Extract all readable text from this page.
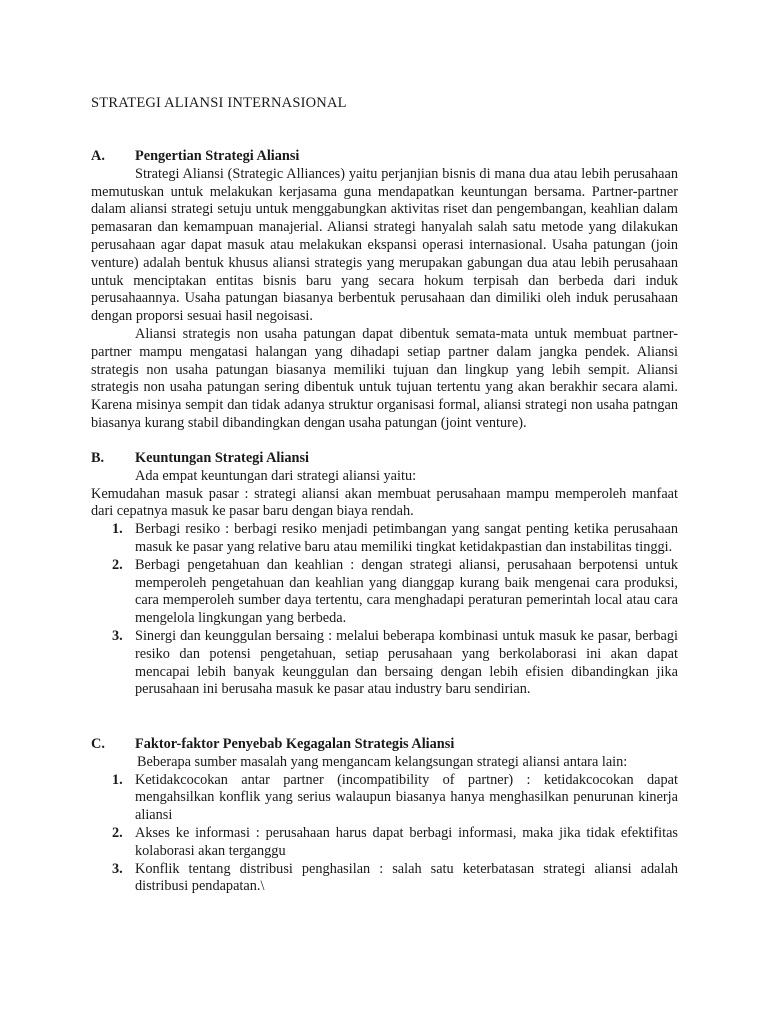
STRATEGI ALIANSI INTERNASIONAL
A.	Pengertian Strategi Aliansi

Strategi Aliansi (Strategic Alliances) yaitu perjanjian bisnis di mana dua atau lebih perusahaan memutuskan untuk melakukan kerjasama guna mendapatkan keuntungan bersama. Partner-partner dalam aliansi strategi setuju untuk menggabungkan aktivitas riset dan pengembangan, keahlian dalam pemasaran dan kemampuan manajerial. Aliansi strategi hanyalah salah satu metode yang dilakukan perusahaan agar dapat masuk atau melakukan ekspansi operasi internasional. Usaha patungan (join venture) adalah bentuk khusus aliansi strategis yang merupakan gabungan dua atau lebih perusahaan untuk menciptakan entitas bisnis baru yang secara hokum terpisah dan berbeda dari induk perusahaannya. Usaha patungan biasanya berbentuk perusahaan dan dimiliki oleh induk perusahaan dengan proporsi sesuai hasil negoisasi.

Aliansi strategis non usaha patungan dapat dibentuk semata-mata untuk membuat partner-partner mampu mengatasi halangan yang dihadapi setiap partner dalam jangka pendek. Aliansi strategis non usaha patungan biasanya memiliki tujuan dan lingkup yang lebih sempit. Aliansi strategis non usaha patungan sering dibentuk untuk tujuan tertentu yang akan berakhir secara alami. Karena misinya sempit dan tidak adanya struktur organisasi formal, aliansi strategi non usaha patngan biasanya kurang stabil dibandingkan dengan usaha patungan (joint venture).

B.	Keuntungan Strategi Aliansi

Ada empat keuntungan dari strategi aliansi yaitu:

Kemudahan masuk pasar : strategi aliansi akan membuat perusahaan mampu memperoleh manfaat dari cepatnya masuk ke pasar baru dengan biaya rendah.

1. Berbagi resiko : berbagi resiko menjadi petimbangan yang sangat penting ketika perusahaan masuk ke pasar yang relative baru atau memiliki tingkat ketidakpastian dan instabilitas tinggi.
2. Berbagi pengetahuan dan keahlian : dengan strategi aliansi, perusahaan berpotensi untuk memperoleh pengetahuan dan keahlian yang dianggap kurang baik mengenai cara produksi, cara memperoleh sumber daya tertentu, cara menghadapi peraturan pemerintah local atau cara mengelola lingkungan yang berbeda.
3. Sinergi dan keunggulan bersaing : melalui beberapa kombinasi untuk masuk ke pasar, berbagi resiko dan potensi pengetahuan, setiap perusahaan yang berkolaborasi ini akan dapat mencapai lebih banyak keunggulan dan bersaing dengan lebih efisien dibandingkan jika perusahaan ini berusaha masuk ke pasar atau industry baru sendirian.
C.	Faktor-faktor Penyebab Kegagalan Strategis Aliansi

Beberapa sumber masalah yang mengancam kelangsungan strategi aliansi antara lain:

1. Ketidakcocokan antar partner (incompatibility of partner) : ketidakcocokan dapat mengahsilkan konflik yang serius walaupun biasanya hanya menghasilkan penurunan kinerja aliansi
2. Akses ke informasi : perusahaan harus dapat berbagi informasi, maka jika tidak efektifitas kolaborasi akan terganggu
3. Konflik tentang distribusi penghasilan : salah satu keterbatasan strategi aliansi adalah distribusi pendapatan.\
